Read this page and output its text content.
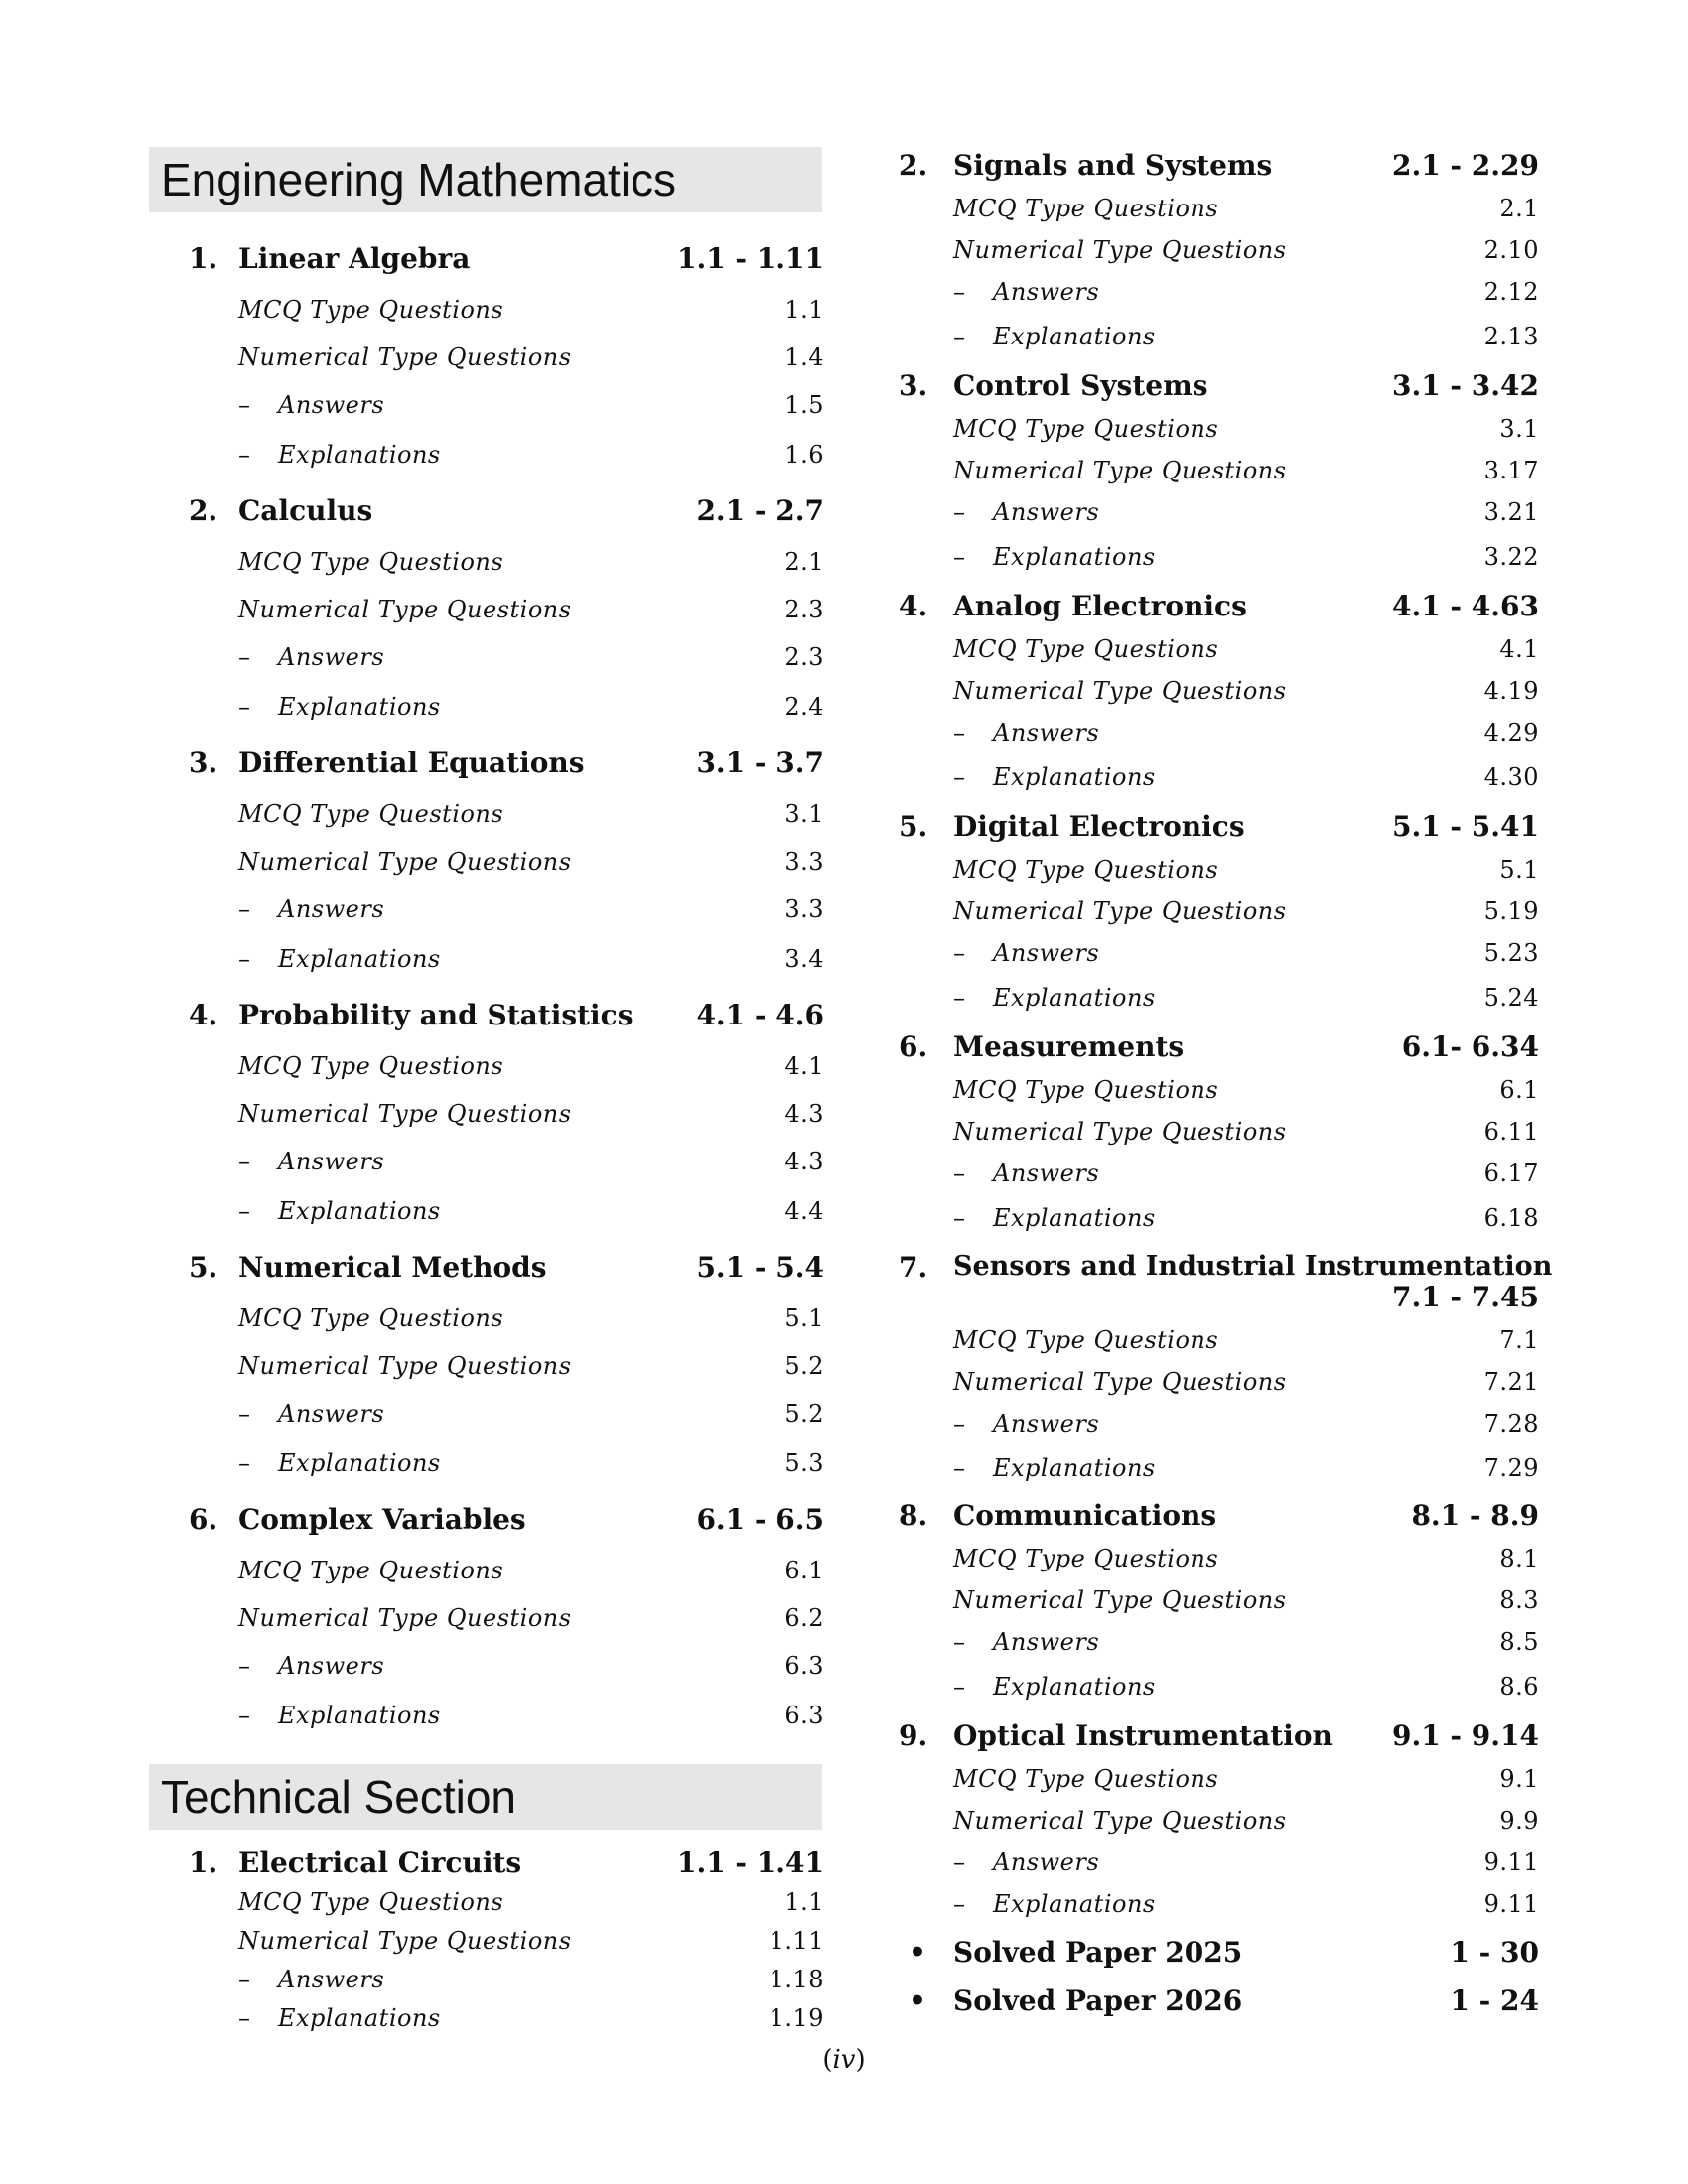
Engineering Mathematics
1. Linear Algebra	1.1 - 1.11
MCQ Type Questions	1.1
Numerical Type Questions	1.4
– Answers	1.5
– Explanations	1.6
2. Calculus	2.1 - 2.7
MCQ Type Questions	2.1
Numerical Type Questions	2.3
– Answers	2.3
– Explanations	2.4
3. Differential Equations	3.1 - 3.7
MCQ Type Questions	3.1
Numerical Type Questions	3.3
– Answers	3.3
– Explanations	3.4
4. Probability and Statistics 4.1 - 4.6
MCQ Type Questions	4.1
Numerical Type Questions	4.3
– Answers	4.3
– Explanations	4.4
5. Numerical Methods	5.1 - 5.4
MCQ Type Questions	5.1
Numerical Type Questions	5.2
– Answers	5.2
– Explanations	5.3
6. Complex Variables	6.1 - 6.5
MCQ Type Questions	6.1
Numerical Type Questions	6.2
– Answers	6.3
– Explanations	6.3
Technical Section
1. Electrical Circuits	1.1 - 1.41
MCQ Type Questions	1.1
Numerical Type Questions	1.11
– Answers	1.18
– Explanations	1.19
2. Signals and Systems	2.1 - 2.29
MCQ Type Questions	2.1
Numerical Type Questions	2.10
– Answers	2.12
– Explanations	2.13
3. Control Systems	3.1 - 3.42
MCQ Type Questions	3.1
Numerical Type Questions	3.17
– Answers	3.21
– Explanations	3.22
4. Analog Electronics	4.1 - 4.63
MCQ Type Questions	4.1
Numerical Type Questions	4.19
– Answers	4.29
– Explanations	4.30
5. Digital Electronics	5.1 - 5.41
MCQ Type Questions	5.1
Numerical Type Questions	5.19
– Answers	5.23
– Explanations	5.24
6. Measurements	6.1- 6.34
MCQ Type Questions	6.1
Numerical Type Questions	6.11
– Answers	6.17
– Explanations	6.18
7. Sensors and Industrial Instrumentation
7.1 - 7.45
MCQ Type Questions	7.1
Numerical Type Questions	7.21
– Answers	7.28
– Explanations	7.29
8. Communications	8.1 - 8.9
MCQ Type Questions	8.1
Numerical Type Questions	8.3
– Answers	8.5
– Explanations	8.6
9. Optical Instrumentation 9.1 - 9.14
MCQ Type Questions	9.1
Numerical Type Questions	9.9
– Answers	9.11
– Explanations	9.11
• Solved Paper 2025	1 - 30
• Solved Paper 2026	1 - 24
(iv)
